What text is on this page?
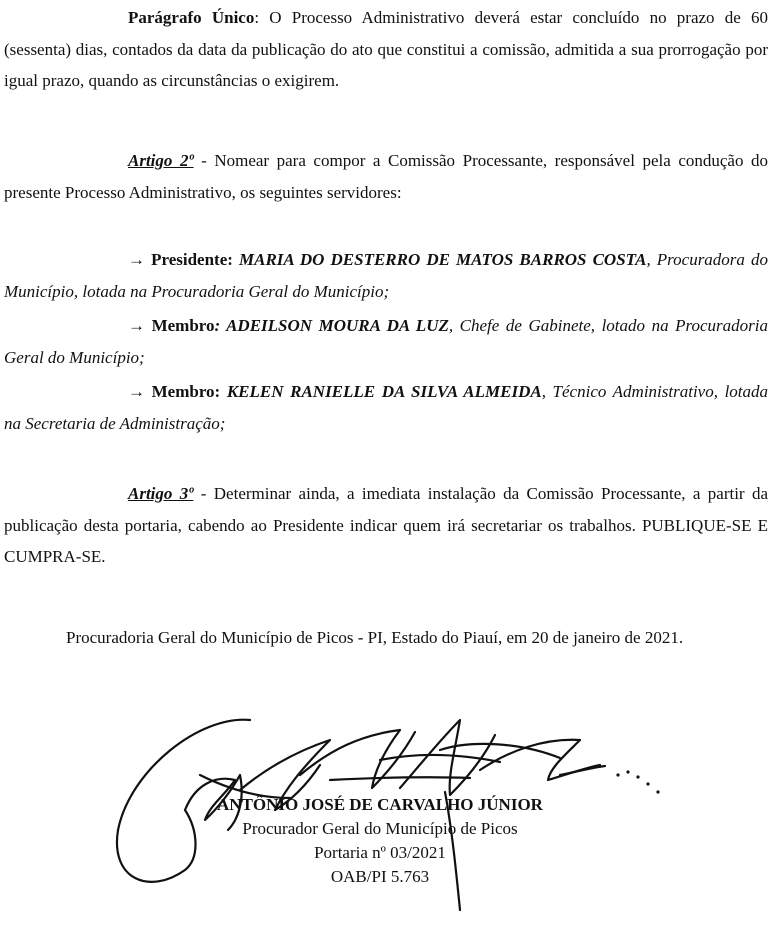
Parágrafo Único: O Processo Administrativo deverá estar concluído no prazo de 60 (sessenta) dias, contados da data da publicação do ato que constitui a comissão, admitida a sua prorrogação por igual prazo, quando as circunstâncias o exigirem.
Artigo 2º - Nomear para compor a Comissão Processante, responsável pela condução do presente Processo Administrativo, os seguintes servidores:
→ Presidente: MARIA DO DESTERRO DE MATOS BARROS COSTA, Procuradora do Município, lotada na Procuradoria Geral do Município;
→ Membro: ADEILSON MOURA DA LUZ, Chefe de Gabinete, lotado na Procuradoria Geral do Município;
→ Membro: KELEN RANIELLE DA SILVA ALMEIDA, Técnico Administrativo, lotada na Secretaria de Administração;
Artigo 3º - Determinar ainda, a imediata instalação da Comissão Processante, a partir da publicação desta portaria, cabendo ao Presidente indicar quem irá secretariar os trabalhos. PUBLIQUE-SE E CUMPRA-SE.
Procuradoria Geral do Município de Picos - PI, Estado do Piauí, em 20 de janeiro de 2021.
ANTÔNIO JOSÉ DE CARVALHO JÚNIOR
Procurador Geral do Município de Picos
Portaria nº 03/2021
OAB/PI 5.763
